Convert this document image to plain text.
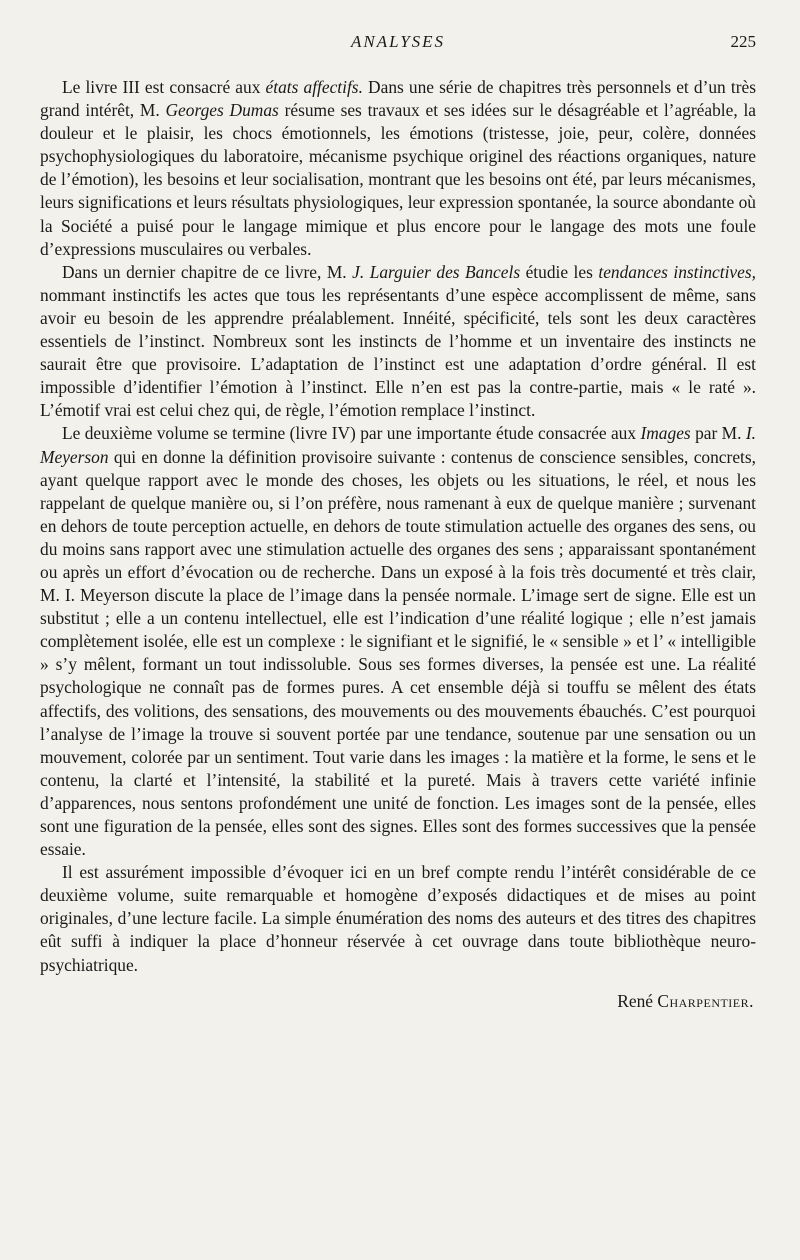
ANALYSES	225

Le livre III est consacré aux états affectifs. Dans une série de chapitres très personnels et d’un très grand intérêt, M. Georges Dumas résume ses travaux et ses idées sur le désagréable et l’agréable, la douleur et le plaisir, les chocs émotionnels, les émotions (tristesse, joie, peur, colère, données psychophysiologiques du laboratoire, mécanisme psychique originel des réactions organiques, nature de l’émotion), les besoins et leur socialisation, montrant que les besoins ont été, par leurs mécanismes, leurs significations et leurs résultats physiologiques, leur expression spontanée, la source abondante où la Société a puisé pour le langage mimique et plus encore pour le langage des mots une foule d’expressions musculaires ou verbales.

Dans un dernier chapitre de ce livre, M. J. Larguier des Bancels étudie les tendances instinctives, nommant instinctifs les actes que tous les représentants d’une espèce accomplissent de même, sans avoir eu besoin de les apprendre préalablement. Innéité, spécificité, tels sont les deux caractères essentiels de l’instinct. Nombreux sont les instincts de l’homme et un inventaire des instincts ne saurait être que provisoire. L’adaptation de l’instinct est une adaptation d’ordre général. Il est impossible d’identifier l’émotion à l’instinct. Elle n’en est pas la contre-partie, mais « le raté ». L’émotif vrai est celui chez qui, de règle, l’émotion remplace l’instinct.

Le deuxième volume se termine (livre IV) par une importante étude consacrée aux Images par M. I. Meyerson qui en donne la définition provisoire suivante : contenus de conscience sensibles, concrets, ayant quelque rapport avec le monde des choses, les objets ou les situations, le réel, et nous les rappelant de quelque manière ou, si l’on préfère, nous ramenant à eux de quelque manière ; survenant en dehors de toute perception actuelle, en dehors de toute stimulation actuelle des organes des sens, ou du moins sans rapport avec une stimulation actuelle des organes des sens ; apparaissant spontanément ou après un effort d’évocation ou de recherche. Dans un exposé à la fois très documenté et très clair, M. I. Meyerson discute la place de l’image dans la pensée normale. L’image sert de signe. Elle est un substitut ; elle a un contenu intellectuel, elle est l’indication d’une réalité logique ; elle n’est jamais complètement isolée, elle est un complexe : le signifiant et le signifié, le « sensible » et l’ « intelligible » s’y mêlent, formant un tout indissoluble. Sous ses formes diverses, la pensée est une. La réalité psychologique ne connaît pas de formes pures. A cet ensemble déjà si touffu se mêlent des états affectifs, des volitions, des sensations, des mouvements ou des mouvements ébauchés. C’est pourquoi l’analyse de l’image la trouve si souvent portée par une tendance, soutenue par une sensation ou un mouvement, colorée par un sentiment. Tout varie dans les images : la matière et la forme, le sens et le contenu, la clarté et l’intensité, la stabilité et la pureté. Mais à travers cette variété infinie d’apparences, nous sentons profondément une unité de fonction. Les images sont de la pensée, elles sont une figuration de la pensée, elles sont des signes. Elles sont des formes successives que la pensée essaie.

Il est assurément impossible d’évoquer ici en un bref compte rendu l’intérêt considérable de ce deuxième volume, suite remarquable et homogène d’exposés didactiques et de mises au point originales, d’une lecture facile. La simple énumération des noms des auteurs et des titres des chapitres eût suffi à indiquer la place d’honneur réservée à cet ouvrage dans toute bibliothèque neuro-psychiatrique.

René Charpentier.
